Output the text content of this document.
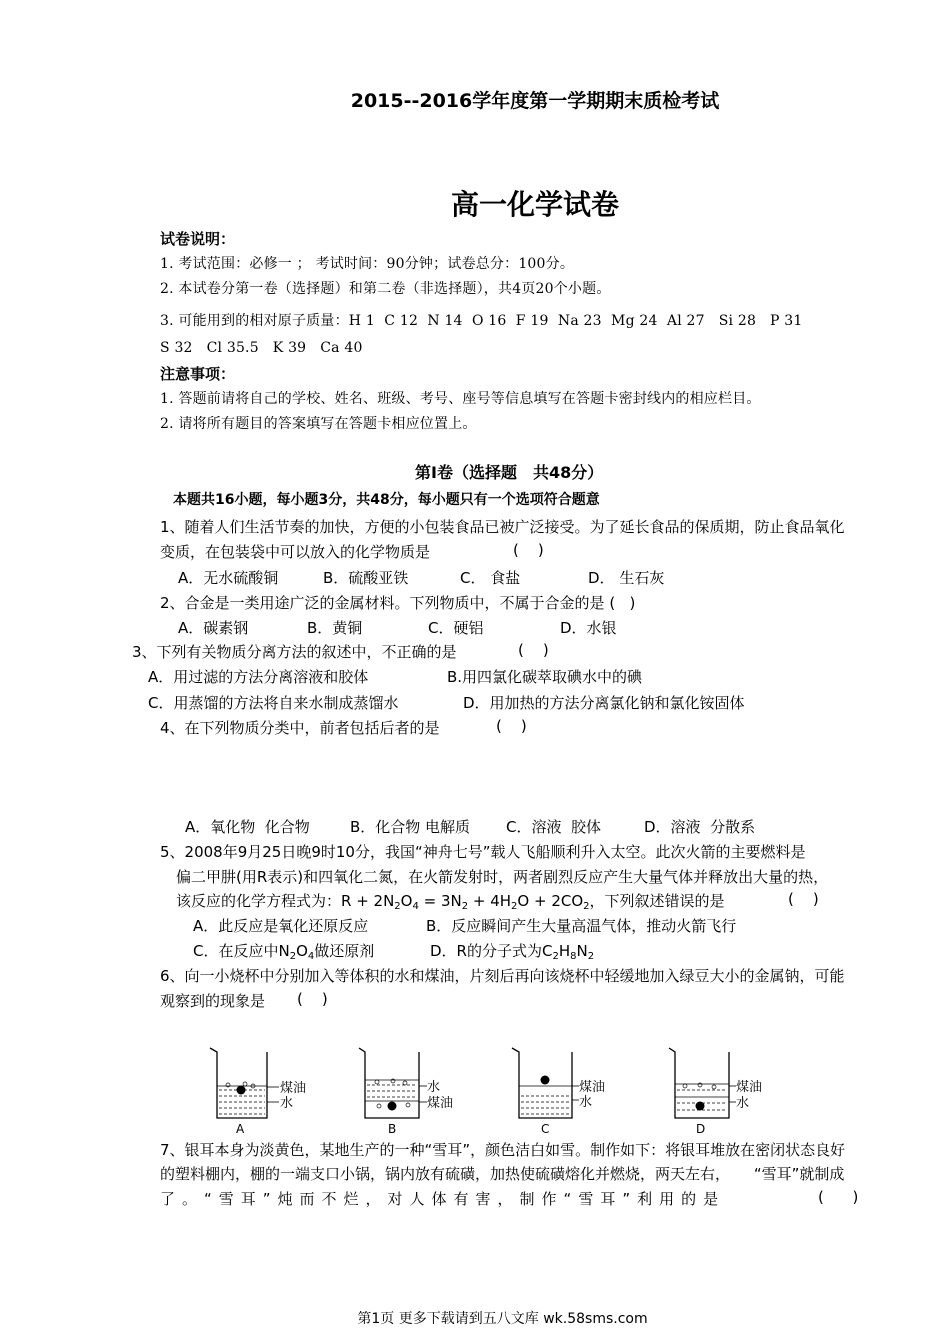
2015--2016学年度第一学期期末质检考试
高一化学试卷
试卷说明：
1. 考试范围：必修一 ； 考试时间：90分钟；试卷总分：100分。
2. 本试卷分第一卷（选择题）和第二卷（非选择题），共4页20个小题。
3. 可能用到的相对原子质量：H 1  C 12  N 14  O 16  F 19  Na 23  Mg 24  Al 27   Si 28   P 31
S 32   Cl 35.5   K 39   Ca 40
注意事项：
1. 答题前请将自己的学校、姓名、班级、考号、座号等信息填写在答题卡密封线内的相应栏目。
2. 请将所有题目的答案填写在答题卡相应位置上。
第Ⅰ卷（选择题　共48分）
本题共16小题，每小题3分，共48分，每小题只有一个选项符合题意
1、随着人们生活节奏的加快，方便的小包装食品已被广泛接受。为了延长食品的保质期，防止食品氧化
变质，在包装袋中可以放入的化学物质是	(    )
A．无水硫酸铜	B．硫酸亚铁	C． 食盐	D． 生石灰
2、合金是一类用途广泛的金属材料。下列物质中，不属于合金的是 (   )
A．碳素钢	B．黄铜	C．硬铝	D．水银
3、下列有关物质分离方法的叙述中，不正确的是	(    )
A．用过滤的方法分离溶液和胶体	B.用四氯化碳萃取碘水中的碘
C．用蒸馏的方法将自来水制成蒸馏水	D．用加热的方法分离氯化钠和氯化铵固体
4、在下列物质分类中，前者包括后者的是	(    )
A．氧化物  化合物	B．化合物 电解质 C．溶液  胶体	D．溶液  分散系
5、2008年9月25日晚9时10分，我国“神舟七号”载人飞船顺利升入太空。此次火箭的主要燃料是
偏二甲肼(用R表示)和四氧化二氮，在火箭发射时，两者剧烈反应产生大量气体并释放出大量的热，
该反应的化学方程式为：$R + 2N_2O_4 = 3N_2 + 4H_2O + 2CO_2$，下列叙述错误的是	(    )
A．此反应是氧化还原反应	B．反应瞬间产生大量高温气体，推动火箭飞行
C．在反应中$N_2O_4$做还原剂	D．R的分子式为$C_2H_8N_2$
6、向一小烧杯中分别加入等体积的水和煤油，片刻后再向该烧杯中轻缓地加入绿豆大小的金属钠，可能
观察到的现象是 (    )
煤油
水
A
水
煤油
B
煤油
水
C
煤油
水
D
7、银耳本身为淡黄色，某地生产的一种“雪耳”，颜色洁白如雪。制作如下：将银耳堆放在密闭状态良好
的塑料棚内，棚的一端支口小锅，锅内放有硫磺，加热使硫磺熔化并燃烧，两天左右，     “雪耳”就制成
了。“雪耳”炖而不烂，对人体有害，制作“雪耳”利用的是	(      )
第1页 更多下载请到五八文库 wk.58sms.com
